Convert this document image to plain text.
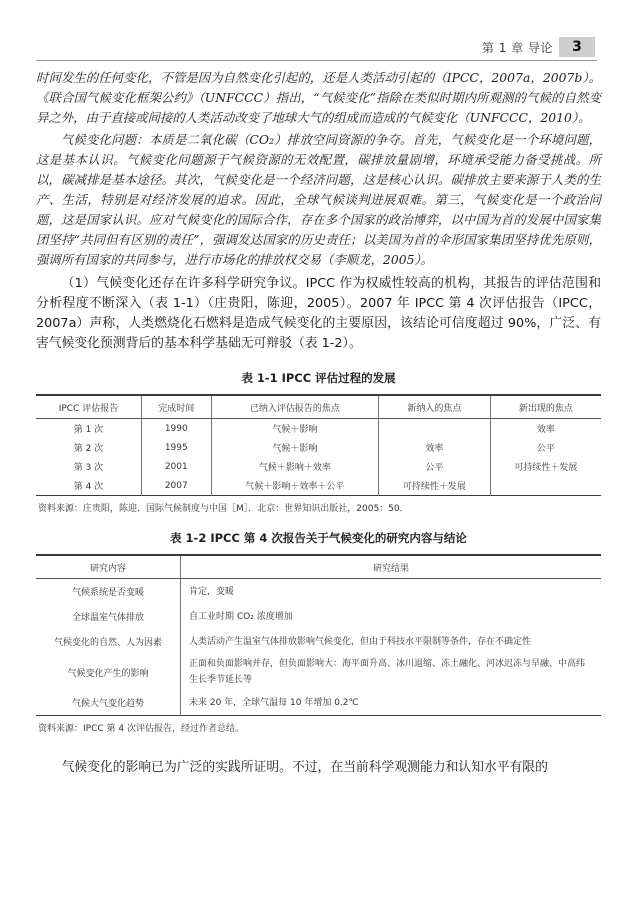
第 1 章 导论	3

时间发生的任何变化，不管是因为自然变化引起的，还是人类活动引起的（IPCC，2007a，2007b）。《联合国气候变化框架公约》（UNFCCC）指出，“气候变化”指除在类似时期内所观测的气候的自然变异之外，由于直接或间接的人类活动改变了地球大气的组成而造成的气候变化（UNFCCC，2010）。

气候变化问题：本质是二氧化碳（CO₂）排放空间资源的争夺。首先，气候变化是一个环境问题，这是基本认识。气候变化问题源于气候资源的无效配置，碳排放量剧增，环境承受能力备受挑战。所以，碳减排是基本途径。其次，气候变化是一个经济问题，这是核心认识。碳排放主要来源于人类的生产、生活，特别是对经济发展的追求。因此，全球气候谈判进展艰难。第三，气候变化是一个政治问题，这是国家认识。应对气候变化的国际合作，存在多个国家的政治博弈，以中国为首的发展中国家集团坚持“共同但有区别的责任”，强调发达国家的历史责任；以美国为首的伞形国家集团坚持优先原则，强调所有国家的共同参与，进行市场化的排放权交易（李顺龙，2005）。

（1）气候变化还存在许多科学研究争议。IPCC 作为权威性较高的机构，其报告的评估范围和分析程度不断深入（表 1-1）（庄贵阳，陈迎，2005）。2007 年 IPCC 第 4 次评估报告（IPCC，2007a）声称，人类燃烧化石燃料是造成气候变化的主要原因，该结论可信度超过 90%，广泛、有害气候变化预测背后的基本科学基础无可辩驳（表 1-2）。

表 1-1 IPCC 评估过程的发展
IPCC 评估报告	完成时间	已纳入评估报告的焦点	新纳入的焦点	新出现的焦点
第 1 次	1990	气候＋影响		效率
第 2 次	1995	气候＋影响	效率	公平
第 3 次	2001	气候＋影响＋效率	公平	可持续性＋发展
第 4 次	2007	气候＋影响＋效率＋公平	可持续性＋发展	
资料来源：庄贵阳，陈迎．国际气候制度与中国［M］．北京：世界知识出版社，2005：50．
表 1-2 IPCC 第 4 次报告关于气候变化的研究内容与结论
研究内容	研究结果
气候系统是否变暖	肯定，变暖
全球温室气体排放	自工业时期 CO₂ 浓度增加
气候变化的自然、人为因素	人类活动产生温室气体排放影响气候变化，但由于科技水平限制等条件，存在不确定性
气候变化产生的影响	正面和负面影响并存，但负面影响大：海平面升高、冰川退缩、冻土融化、河冰迟冻与早融、中高纬生长季节延长等
气候大气变化趋势	未来 20 年，全球气温每 10 年增加 0.2℃
资料来源：IPCC 第 4 次评估报告，经过作者总结。

气候变化的影响已为广泛的实践所证明。不过，在当前科学观测能力和认知水平有限的
